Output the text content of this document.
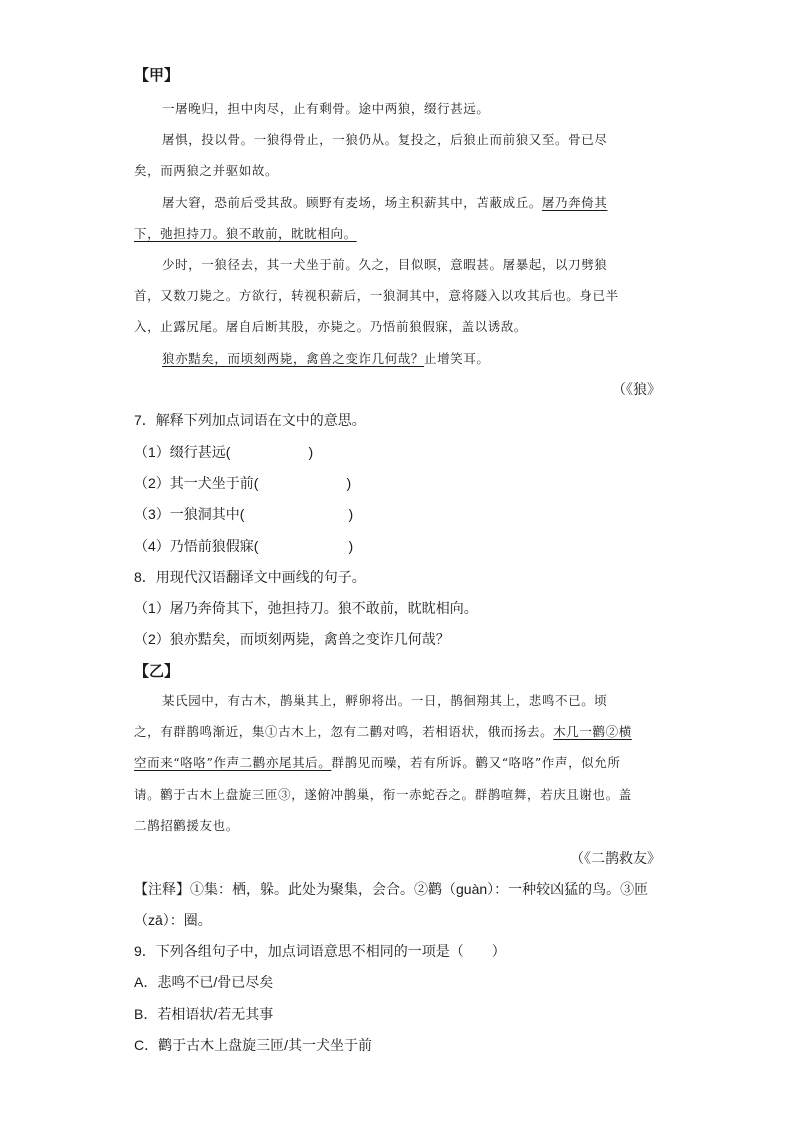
【甲】
一屠晚归，担中肉尽，止有剩骨。途中两狼，缀行甚远。
屠惧，投以骨。一狼得骨止，一狼仍从。复投之，后狼止而前狼又至。骨已尽
矣，而两狼之并驱如故。
屠大窘，恐前后受其敌。顾野有麦场，场主积薪其中，苫蔽成丘。屠乃奔倚其
下，弛担持刀。狼不敢前，眈眈相向。
少时，一狼径去，其一犬坐于前。久之，目似暝，意暇甚。屠暴起，以刀劈狼
首，又数刀毙之。方欲行，转视积薪后，一狼洞其中，意将隧入以攻其后也。身已半
入，止露尻尾。屠自后断其股，亦毙之。乃悟前狼假寐，盖以诱敌。
狼亦黠矣，而顷刻两毙，禽兽之变诈几何哉？止增笑耳。
（《狼》
7．解释下列加点词语在文中的意思。
（1）缀行甚远(	)
（2）其一犬坐于前(	)
（3）一狼洞其中(	)
（4）乃悟前狼假寐(	)
8．用现代汉语翻译文中画线的句子。
（1）屠乃奔倚其下，弛担持刀。狼不敢前，眈眈相向。
（2）狼亦黠矣，而顷刻两毙，禽兽之变诈几何哉？
【乙】
某氏园中，有古木，鹊巢其上，孵卵将出。一日，鹊徊翔其上，悲鸣不已。顷
之，有群鹊鸣渐近，集①古木上，忽有二鹳对鸣，若相语状，俄而扬去。木几一鹳②横
空而来“咯咯”作声二鹳亦尾其后。群鹊见而噪，若有所诉。鹳又“咯咯”作声，似允所
请。鹳于古木上盘旋三匝③，遂俯冲鹊巢，衔一赤蛇吞之。群鹊喧舞，若庆且谢也。盖
二鹊招鹳援友也。
（《二鹊救友》
【注释】①集：栖，躲。此处为聚集，会合。②鹳（guàn）：一种较凶猛的鸟。③匝
（zā）：圈。
9．下列各组句子中，加点词语意思不相同的一项是（　　）
A．悲鸣不已/骨已尽矣
B．若相语状/若无其事
C．鹳于古木上盘旋三匝/其一犬坐于前
